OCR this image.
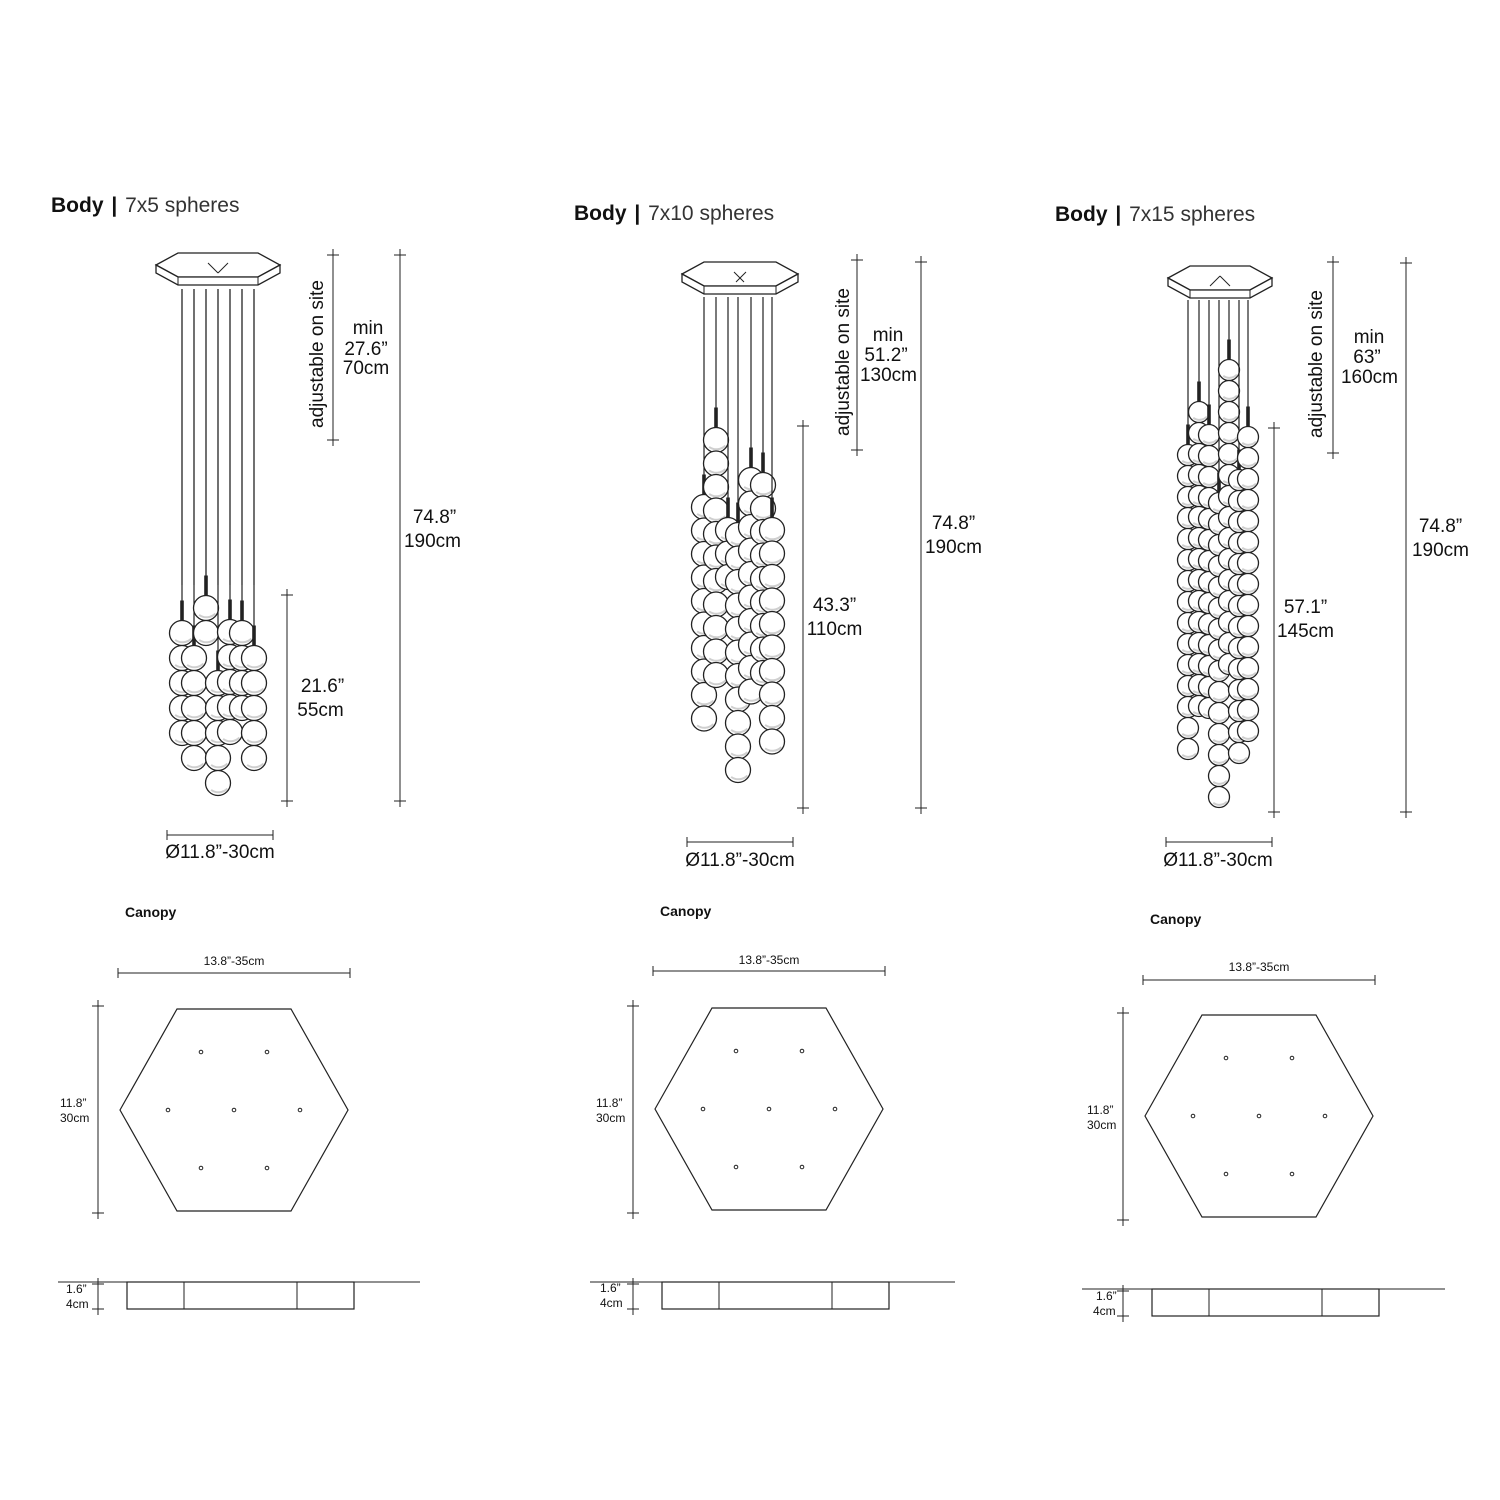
Body | 7x5 spheres
adjustable on site	min
27.6”
70cm
74.8”
190cm
21.6”
55cm
Ø11.8”-30cm
Canopy
13.8”-35cm
11.8”
30cm
1.6”
4cm
Body | 7x10 spheres
adjustable on site min
51.2”
130cm
74.8”
190cm
43.3”
110cm
Ø11.8”-30cm
Canopy
13.8”-35cm
11.8”
30cm
1.6”
4cm
Body | 7x15 spheres
adjustable on site	min
63”
160cm
74.8”
190cm
57.1”
145cm
Ø11.8”-30cm
Canopy
13.8”-35cm
11.8”
30cm
1.6”
4cm
